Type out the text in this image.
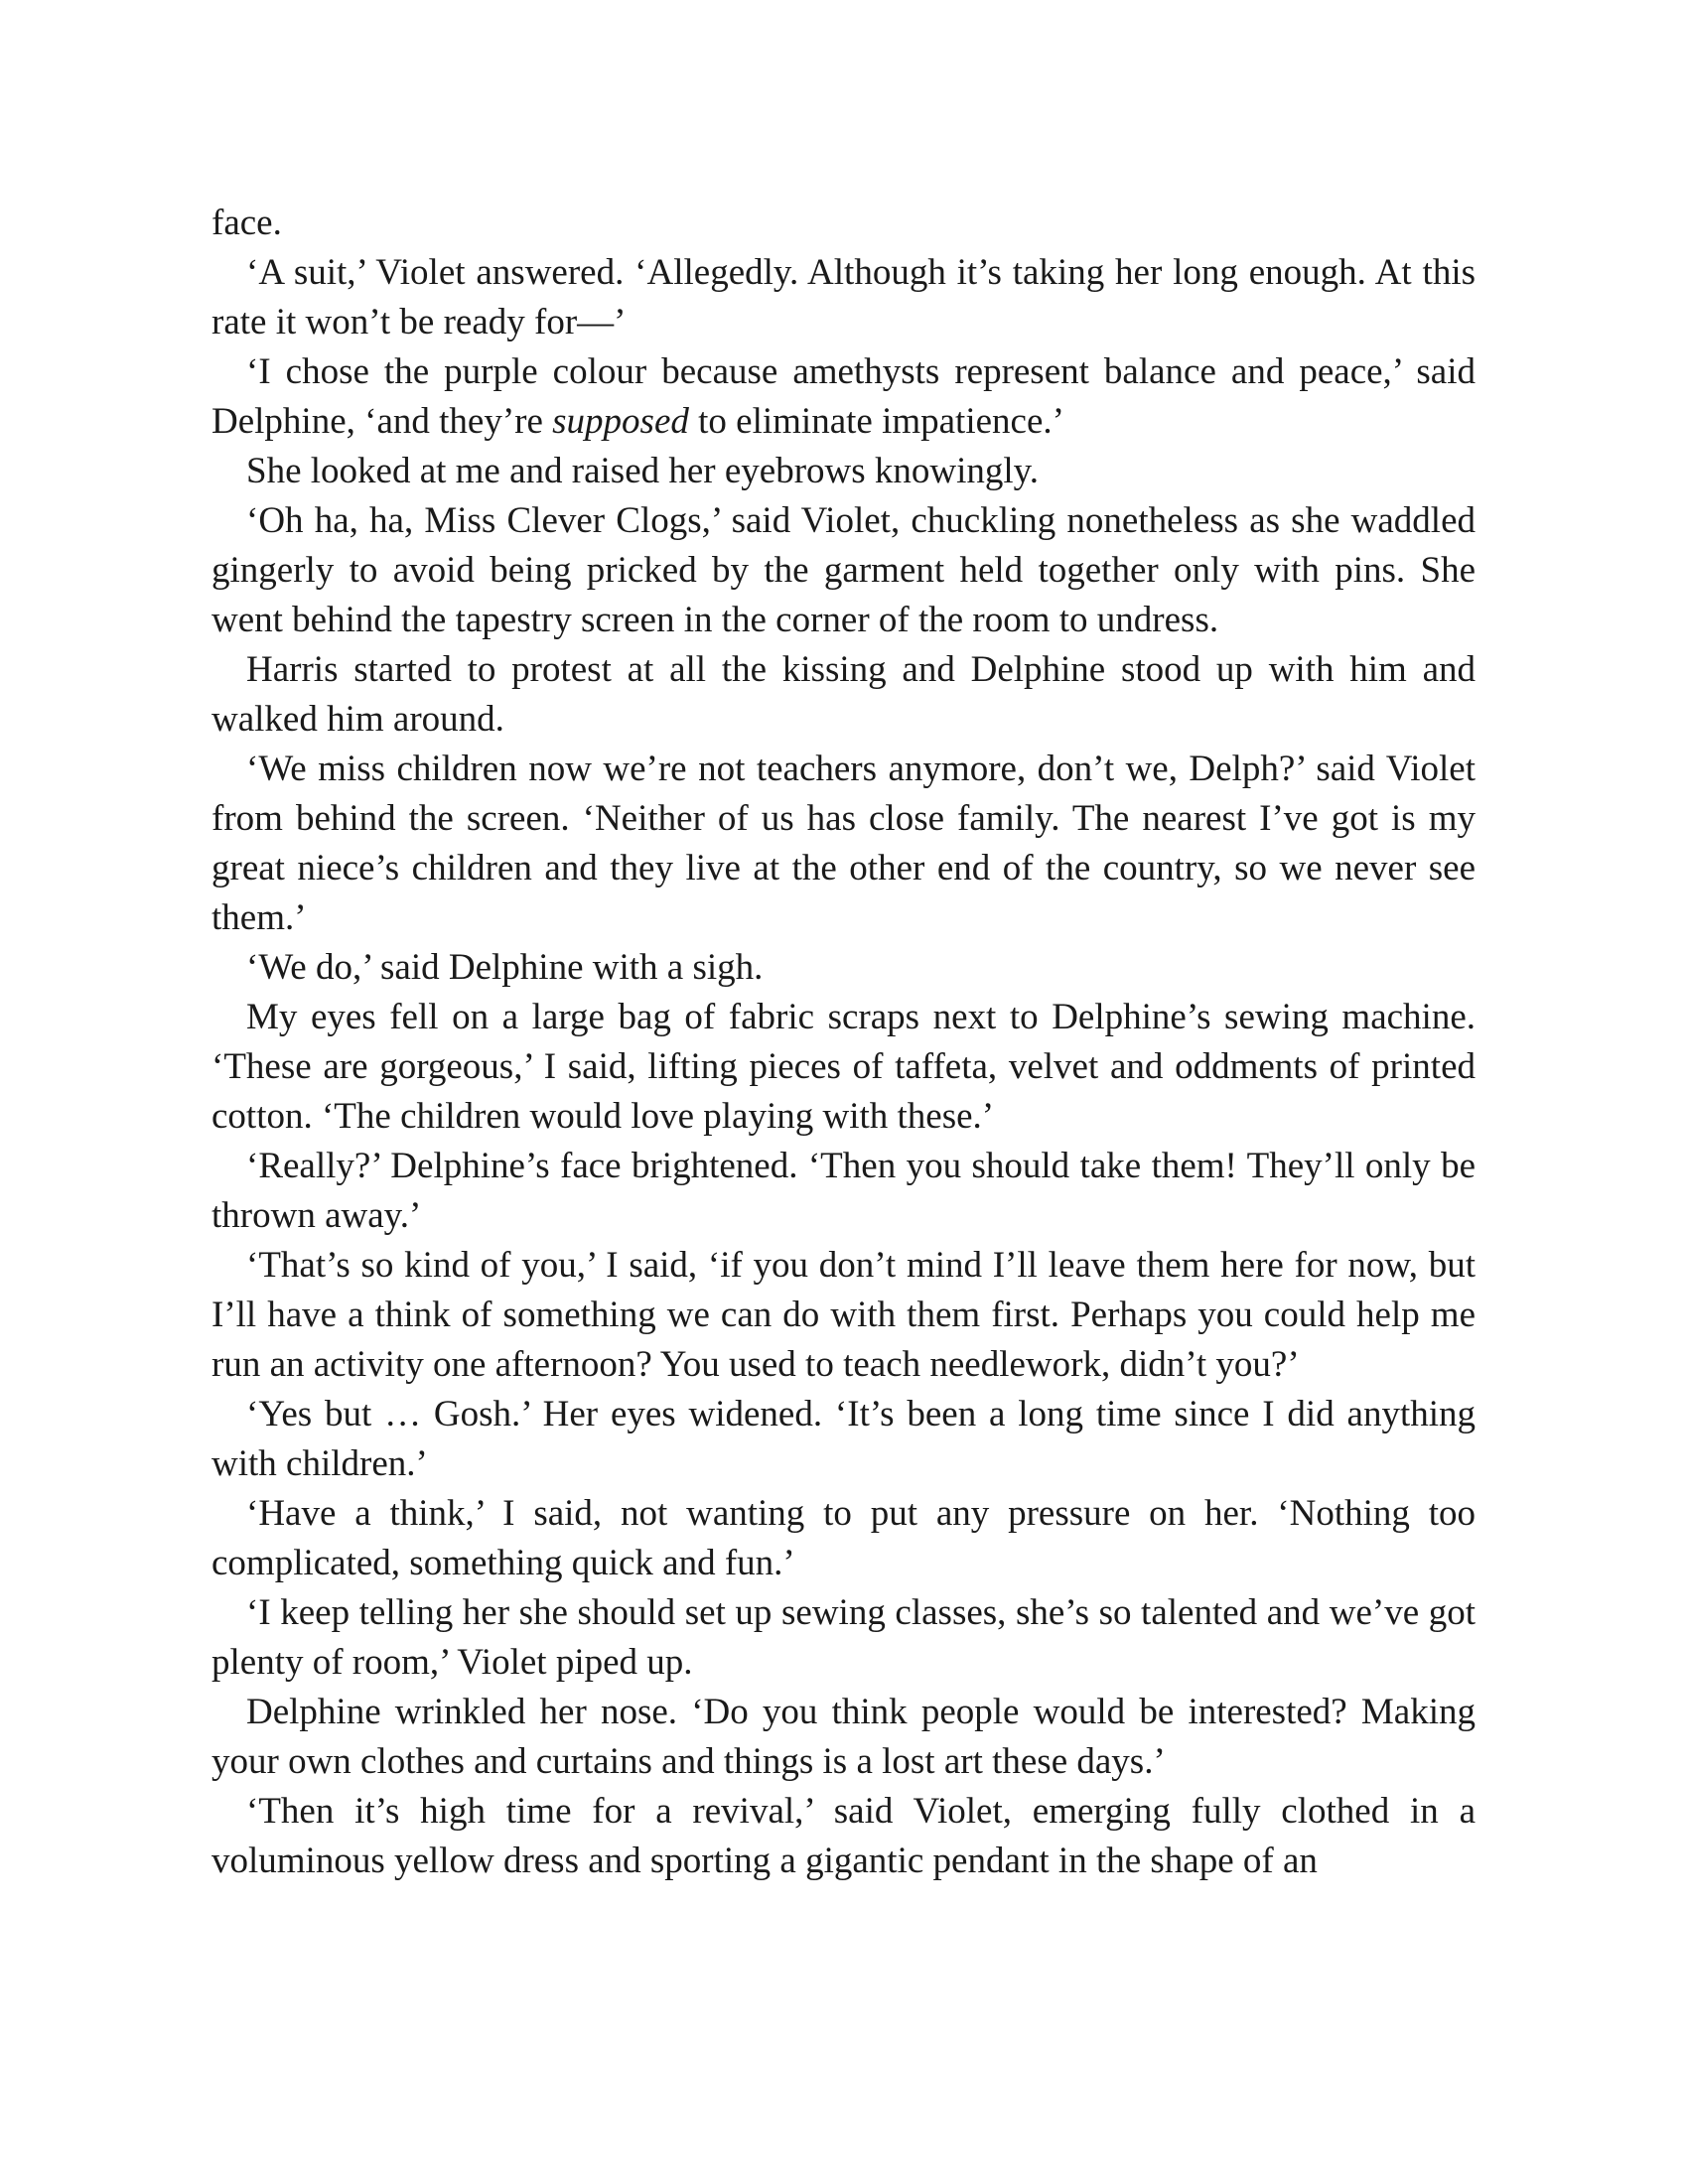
face.

‘A suit,’ Violet answered. ‘Allegedly. Although it’s taking her long enough. At this rate it won’t be ready for—’

‘I chose the purple colour because amethysts represent balance and peace,’ said Delphine, ‘and they’re supposed to eliminate impatience.’

She looked at me and raised her eyebrows knowingly.

‘Oh ha, ha, Miss Clever Clogs,’ said Violet, chuckling nonetheless as she waddled gingerly to avoid being pricked by the garment held together only with pins. She went behind the tapestry screen in the corner of the room to undress.

Harris started to protest at all the kissing and Delphine stood up with him and walked him around.

‘We miss children now we’re not teachers anymore, don’t we, Delph?’ said Violet from behind the screen. ‘Neither of us has close family. The nearest I’ve got is my great niece’s children and they live at the other end of the country, so we never see them.’

‘We do,’ said Delphine with a sigh.

My eyes fell on a large bag of fabric scraps next to Delphine’s sewing machine. ‘These are gorgeous,’ I said, lifting pieces of taffeta, velvet and oddments of printed cotton. ‘The children would love playing with these.’

‘Really?’ Delphine’s face brightened. ‘Then you should take them! They’ll only be thrown away.’

‘That’s so kind of you,’ I said, ‘if you don’t mind I’ll leave them here for now, but I’ll have a think of something we can do with them first. Perhaps you could help me run an activity one afternoon? You used to teach needlework, didn’t you?’

‘Yes but … Gosh.’ Her eyes widened. ‘It’s been a long time since I did anything with children.’

‘Have a think,’ I said, not wanting to put any pressure on her. ‘Nothing too complicated, something quick and fun.’

‘I keep telling her she should set up sewing classes, she’s so talented and we’ve got plenty of room,’ Violet piped up.

Delphine wrinkled her nose. ‘Do you think people would be interested? Making your own clothes and curtains and things is a lost art these days.’

‘Then it’s high time for a revival,’ said Violet, emerging fully clothed in a voluminous yellow dress and sporting a gigantic pendant in the shape of an
